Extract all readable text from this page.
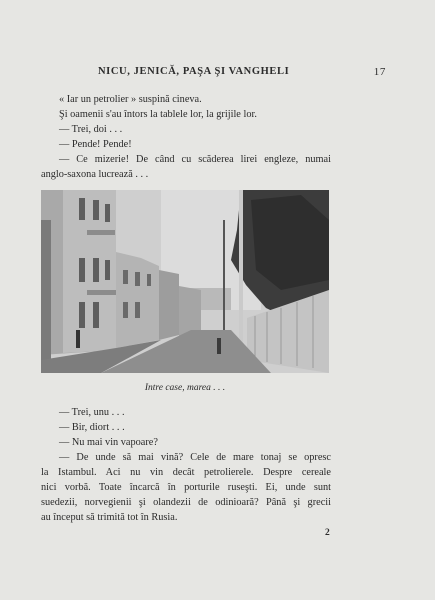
NICU, JENICĂ, PAŞA ŞI VANGHELI	17

« Iar un petrolier » suspină cineva.

Şi oamenii s'au întors la tablele lor, la grijile lor.

— Trei, doi . . .

— Pende! Pende!

— Ce mizerie! De când cu scăderea lirei engleze, numai

anglo-saxona lucrează . . .

Intre case, marea . . .

— Trei, unu . . .

— Bir, diort . . .

— Nu mai vin vapoare?

— De unde să mai vină? Cele de mare tonaj se opresc

la Istambul. Aci nu vin decât petrolierele. Despre cereale

nici vorbă. Toate încarcă în porturile ruseşti. Ei, unde sunt

suedezii, norvegienii şi olandezii de odinioară? Până şi grecii

au început să trimită tot în Rusia.

2
